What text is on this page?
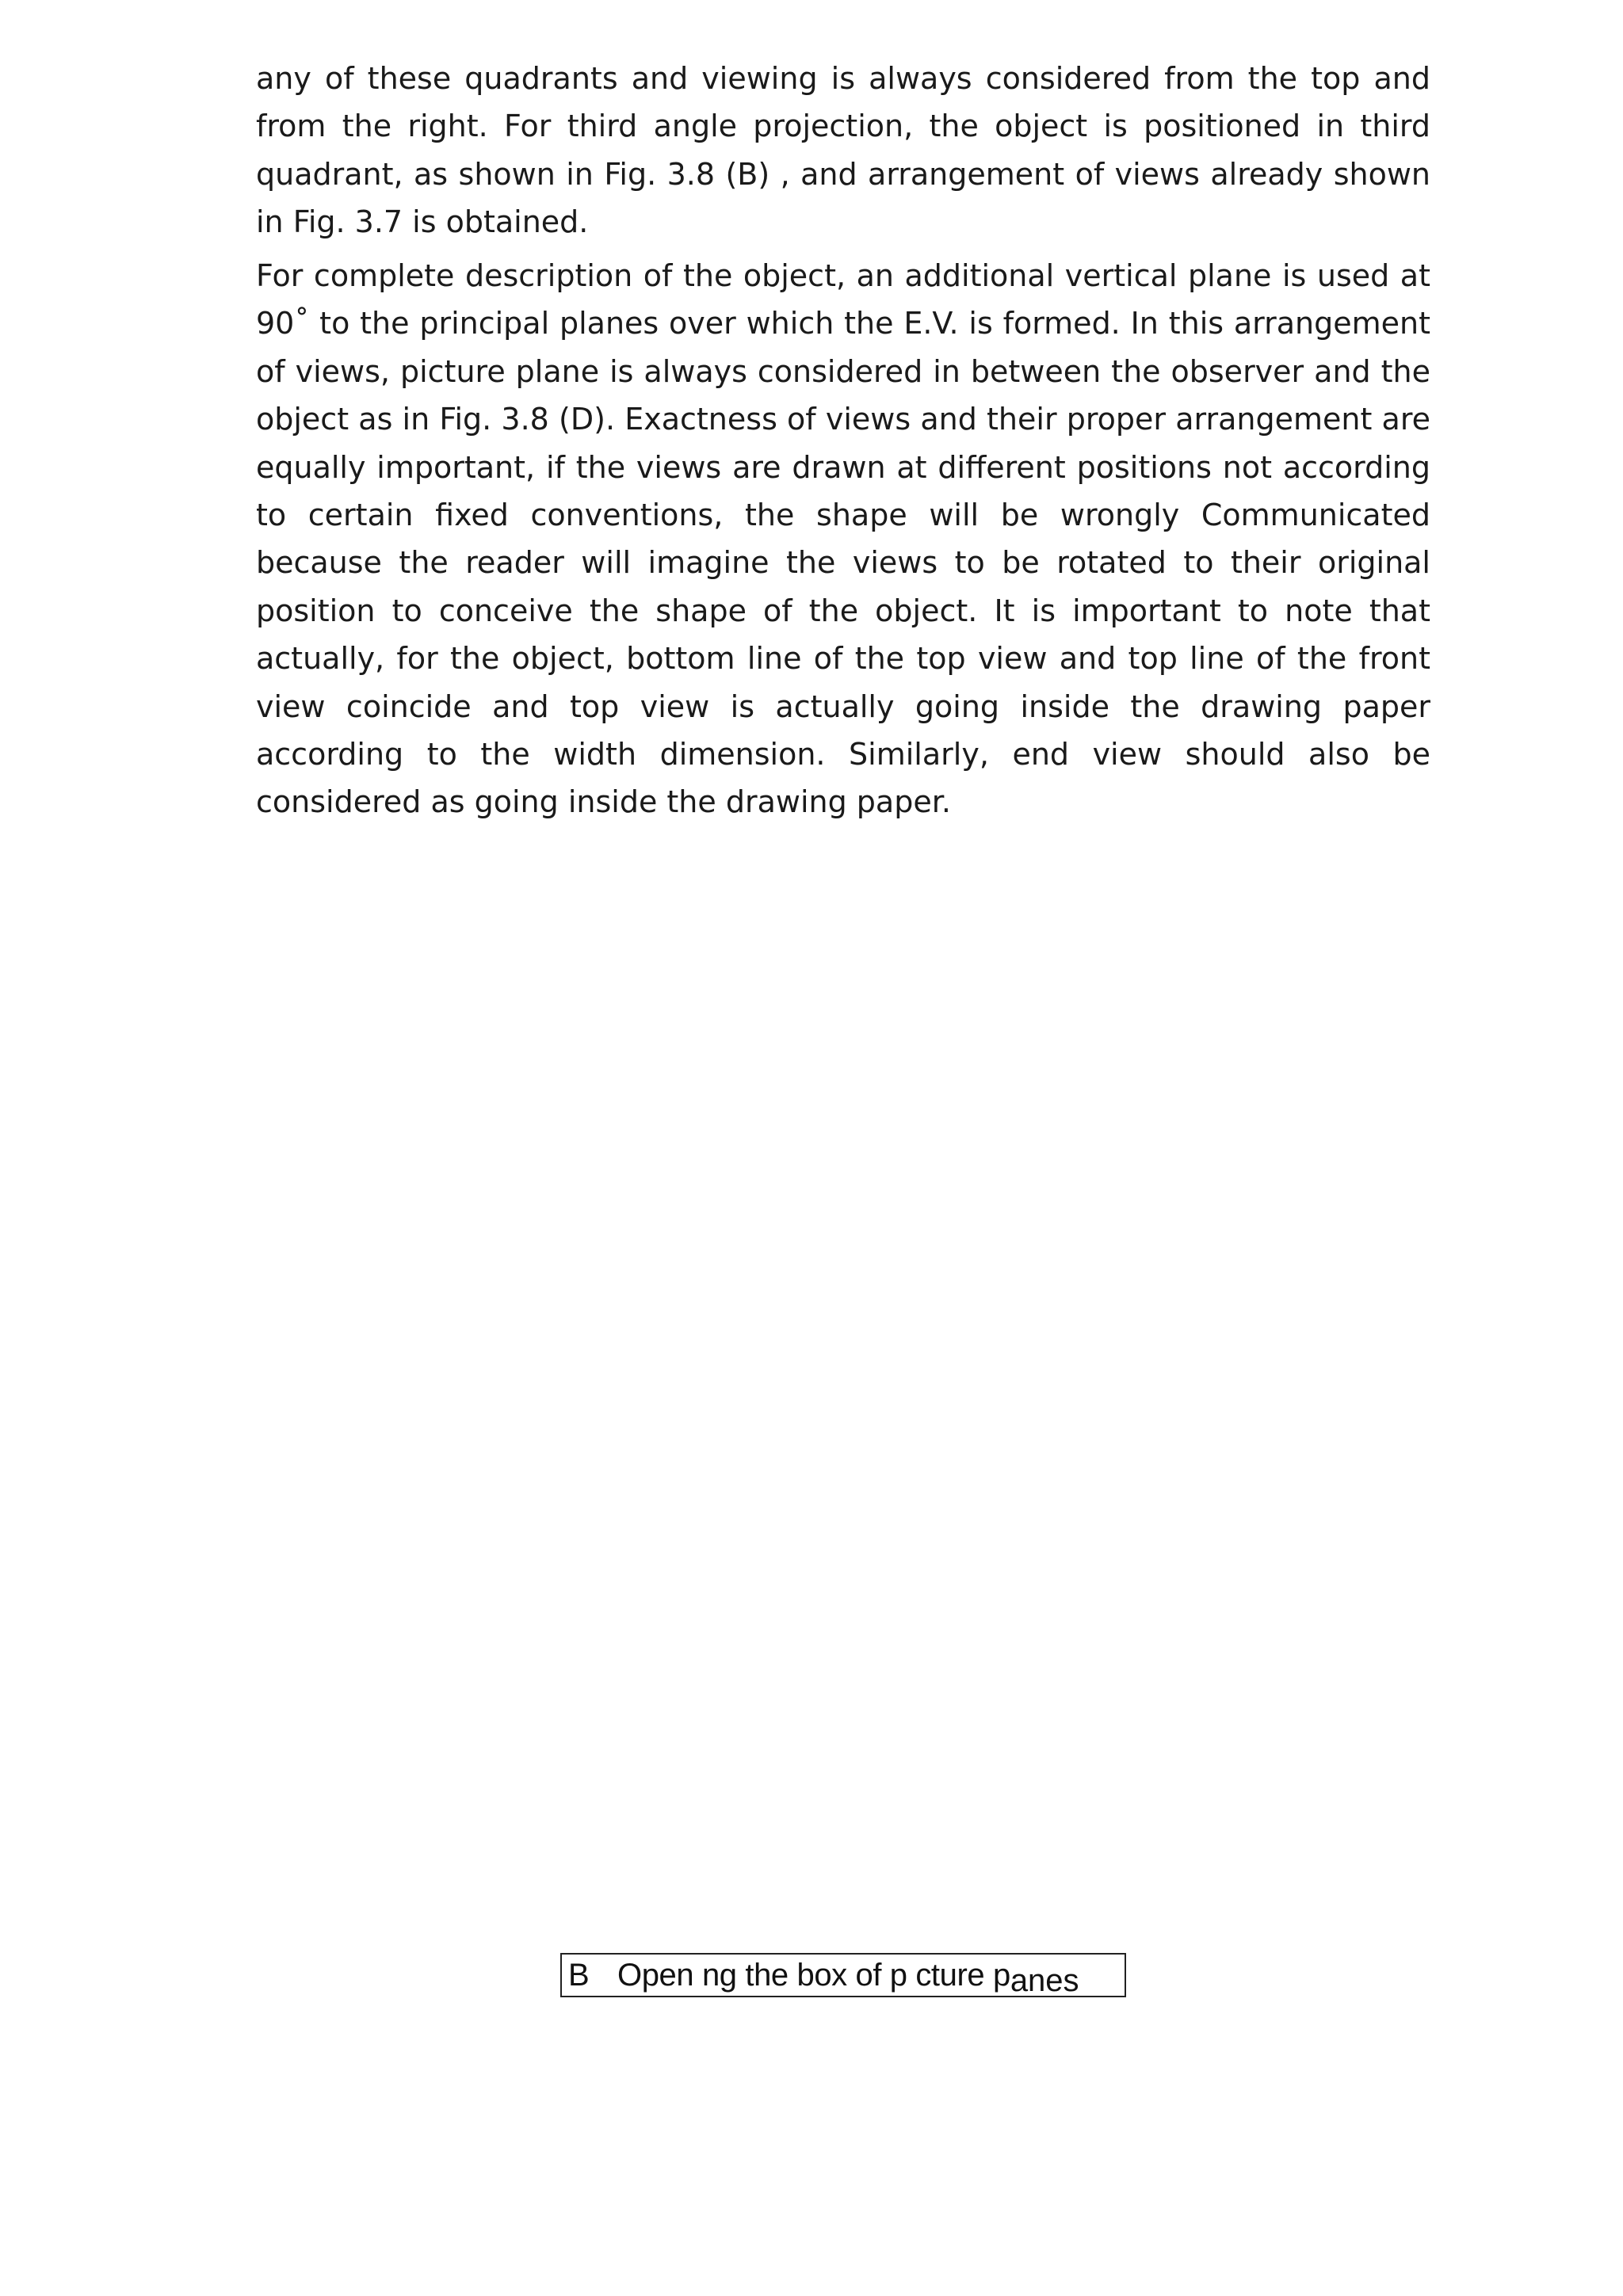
any of these quadrants and viewing is always considered from the top and from the right. For third angle projection, the object is positioned in third quadrant, as shown in Fig. 3.8 (B) , and arrangement of views already shown in Fig. 3.7 is obtained.

For complete description of the object, an additional vertical plane is used at 90˚ to the principal planes over which the E.V. is formed. In this arrangement of views, picture plane is always considered in between the observer and the object as in Fig. 3.8 (D). Exactness of views and their proper arrangement are equally important, if the views are drawn at different positions not according to certain fixed conventions, the shape will be wrongly Communicated because the reader will imagine the views to be rotated to their original position to conceive the shape of the object. It is important to note that actually, for the object, bottom line of the top view and top line of the front view coincide and top view is actually going inside the drawing paper according to the width dimension. Similarly, end view should also be considered as going inside the drawing paper.

B Open ng the box of p cture panes
